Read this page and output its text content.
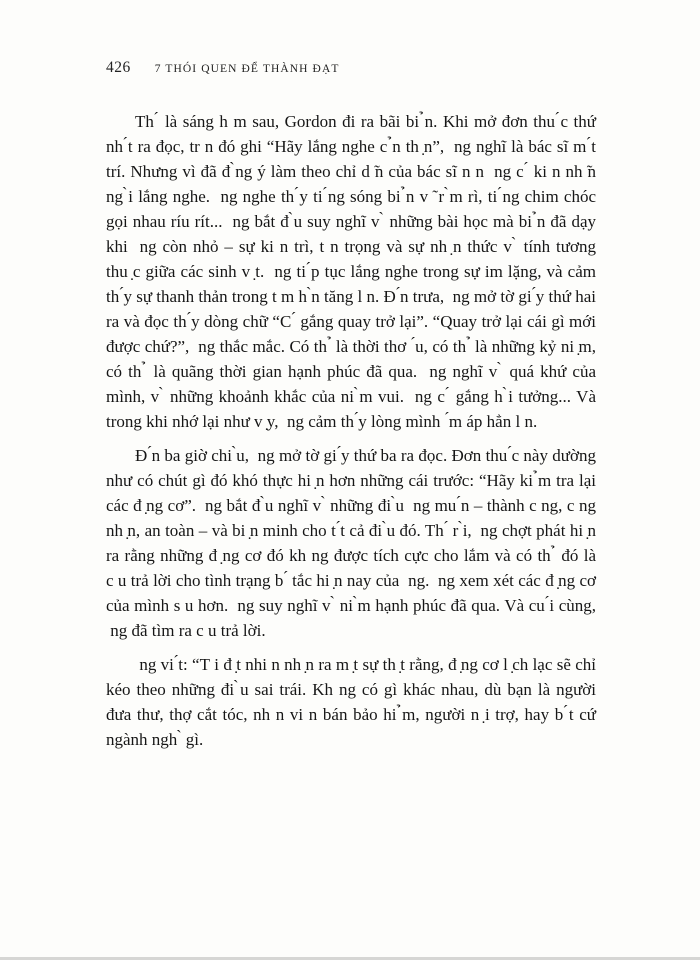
426 7 THÓI QUEN ĐỂ THÀNH ĐẠT

Th ́ là sáng h m sau, Gordon đi ra bãi bi ̉n. Khi mở đơn thu ́c thứ nh ́t ra đọc, tr n đó ghi “Hãy lắng nghe c ̉n th ̣n”,  ng nghĩ là bác sĩ m ́t trí. Nhưng vì đã đ ̀ng ý làm theo chỉ d ̃n của bác sĩ n n  ng c ́ ki n nh ̃n ng ̀i lắng nghe.  ng nghe th ́y ti ́ng sóng bi ̉n v ̃ r ̀m rì, ti ́ng chim chóc gọi nhau ríu rít...  ng bắt đ ̀u suy nghĩ v ̀ những bài học mà bi ̉n đã dạy khi  ng còn nhỏ – sự ki n trì, t n trọng và sự nh ̣n thức v ̀ tính tương thu ̣c giữa các sinh v ̣t.  ng ti ́p tục lắng nghe trong sự im lặng, và cảm th ́y sự thanh thản trong t m h ̀n tăng l n. Đ ́n trưa,  ng mở tờ gi ́y thứ hai ra và đọc th ́y dòng chữ “C ́ gắng quay trở lại”. “Quay trở lại cái gì mới được chứ?”,  ng thắc mắc. Có th ̉ là thời thơ  ́u, có th ̉ là những kỷ ni ̣m, có th ̉ là quãng thời gian hạnh phúc đã qua.  ng nghĩ v ̀ quá khứ của mình, v ̀ những khoảnh khắc của ni ̀m vui.  ng c ́ gắng h ̀i tưởng... Và trong khi nhớ lại như v ̣y,  ng cảm th ́y lòng mình  ́m áp hẳn l n.

Đ ́n ba giờ chi ̀u,  ng mở tờ gi ́y thứ ba ra đọc. Đơn thu ́c này dường như có chút gì đó khó thực hi ̣n hơn những cái trước: “Hãy ki ̉m tra lại các đ ̣ng cơ”.  ng bắt đ ̀u nghĩ v ̀ những đi ̀u  ng mu ́n – thành c ng, c ng nh ̣n, an toàn – và bi ̣n minh cho t ́t cả đi ̀u đó. Th ́ r ̀i,  ng chợt phát hi ̣n ra rằng những đ ̣ng cơ đó kh ng được tích cực cho lắm và có th ̉ đó là c u trả lời cho tình trạng b ́ tắc hi ̣n nay của  ng.  ng xem xét các đ ̣ng cơ của mình s u hơn.  ng suy nghĩ v ̀ ni ̀m hạnh phúc đã qua. Và cu ́i cùng,  ng đã tìm ra c u trả lời.

ng vi ́t: “T i đ ̣t nhi n nh ̣n ra m ̣t sự th ̣t rằng, đ ̣ng cơ l ̣ch lạc sẽ chỉ kéo theo những đi ̀u sai trái. Kh ng có gì khác nhau, dù bạn là người đưa thư, thợ cắt tóc, nh n vi n bán bảo hi ̉m, người n ̣i trợ, hay b ́t cứ ngành ngh ̀ gì.
